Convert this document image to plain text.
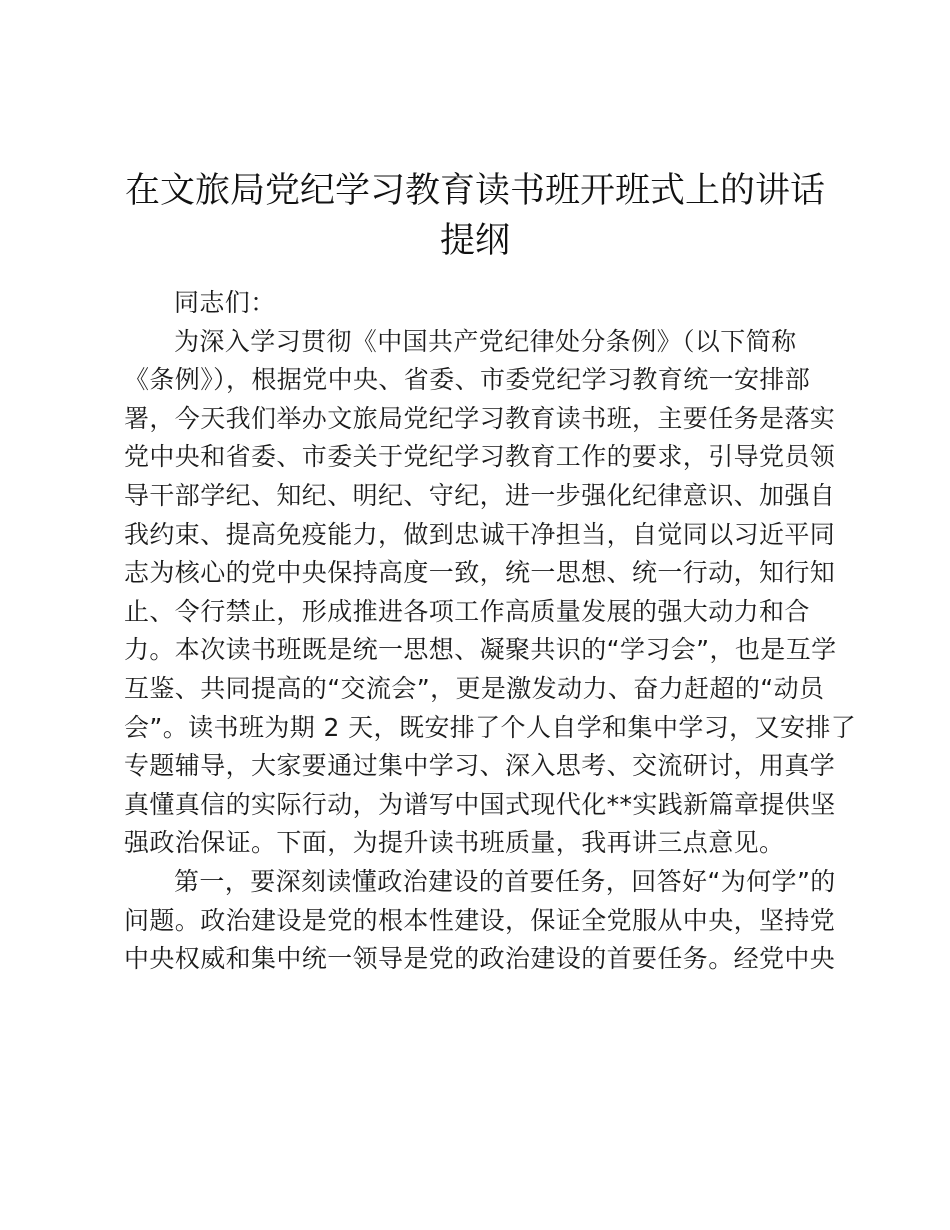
在文旅局党纪学习教育读书班开班式上的讲话
提纲
同志们：
为深入学习贯彻《中国共产党纪律处分条例》（以下简称
《条例》），根据党中央、省委、市委党纪学习教育统一安排部
署，今天我们举办文旅局党纪学习教育读书班，主要任务是落实
党中央和省委、市委关于党纪学习教育工作的要求，引导党员领
导干部学纪、知纪、明纪、守纪，进一步强化纪律意识、加强自
我约束、提高免疫能力，做到忠诚干净担当，自觉同以习近平同
志为核心的党中央保持高度一致，统一思想、统一行动，知行知
止、令行禁止，形成推进各项工作高质量发展的强大动力和合
力。本次读书班既是统一思想、凝聚共识的“学习会”，也是互学
互鉴、共同提高的“交流会”，更是激发动力、奋力赶超的“动员
会”。读书班为期 2 天，既安排了个人自学和集中学习，又安排了
专题辅导，大家要通过集中学习、深入思考、交流研讨，用真学
真懂真信的实际行动，为谱写中国式现代化**实践新篇章提供坚
强政治保证。下面，为提升读书班质量，我再讲三点意见。
第一，要深刻读懂政治建设的首要任务，回答好“为何学”的
问题。政治建设是党的根本性建设，保证全党服从中央，坚持党
中央权威和集中统一领导是党的政治建设的首要任务。经党中央
